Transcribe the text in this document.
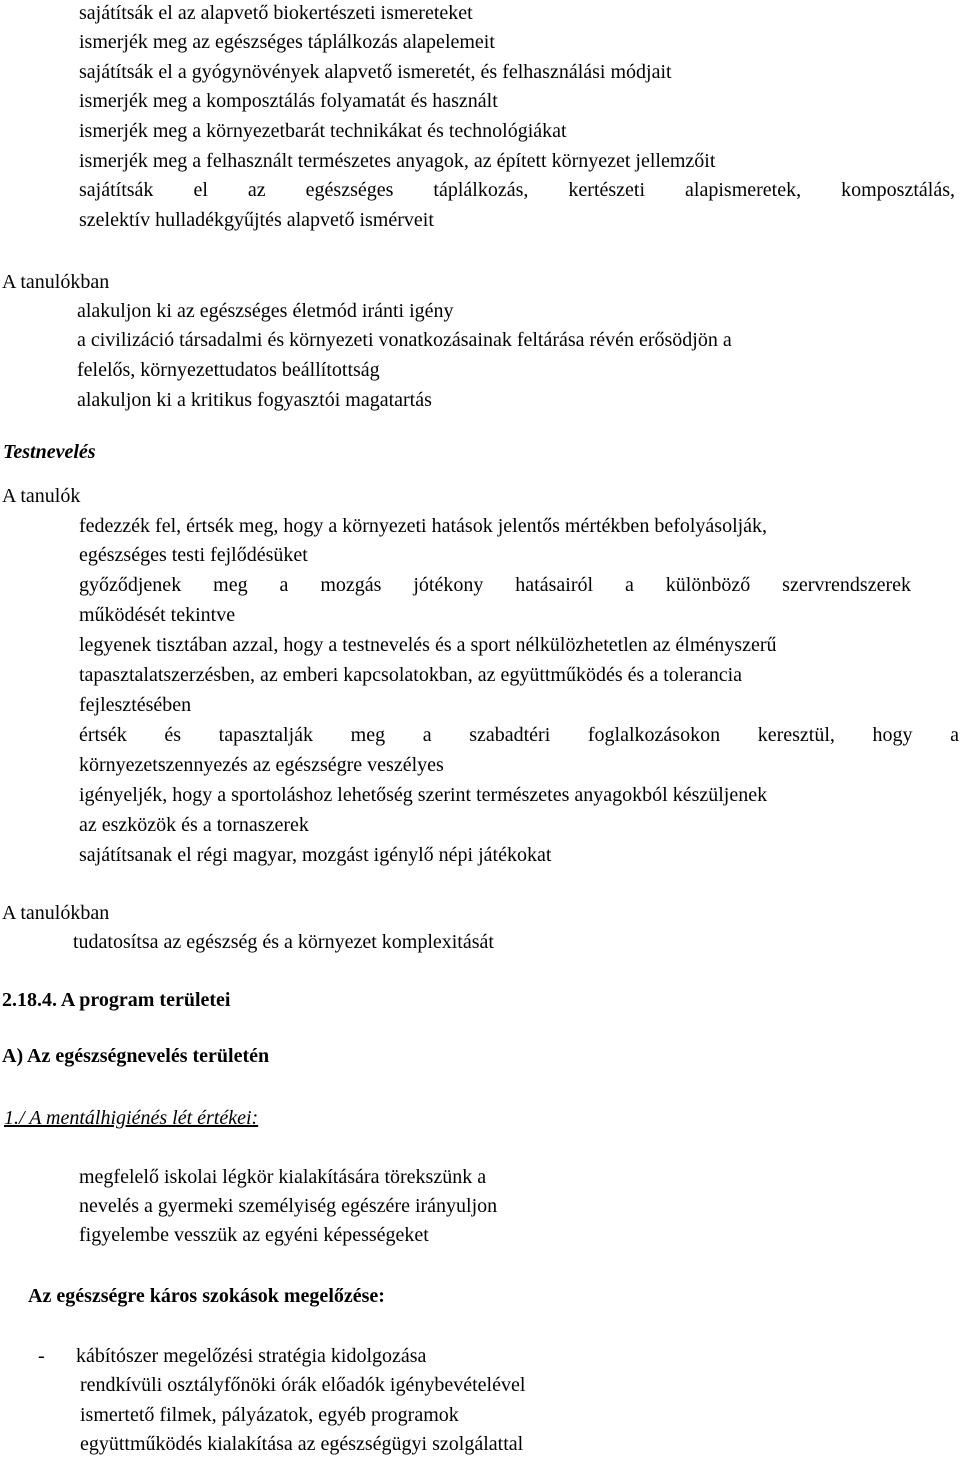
sajátítsák el az alapvető biokertészeti ismereteket

ismerjék meg az egészséges táplálkozás alapelemeit

sajátítsák el a gyógynövények alapvető ismeretét, és felhasználási módjait

ismerjék meg a komposztálás folyamatát és használt

ismerjék meg a környezetbarát technikákat és technológiákat

ismerjék meg a felhasznált természetes anyagok, az épített környezet jellemzőit

sajátítsák el az egészséges táplálkozás, kertészeti alapismeretek, komposztálás,

szelektív hulladékgyűjtés alapvető ismérveit

A tanulókban

alakuljon ki az egészséges életmód iránti igény

a civilizáció társadalmi és környezeti vonatkozásainak feltárása révén erősödjön a

felelős, környezettudatos beállítottság

alakuljon ki a kritikus fogyasztói magatartás

Testnevelés

A tanulók

fedezzék fel, értsék meg, hogy a környezeti hatások jelentős mértékben befolyásolják,

egészséges testi fejlődésüket

győződjenek meg a mozgás jótékony hatásairól a különböző szervrendszerek

működését tekintve

legyenek tisztában azzal, hogy a testnevelés és a sport nélkülözhetetlen az élményszerű

tapasztalatszerzésben, az emberi kapcsolatokban, az együttműködés és a tolerancia

fejlesztésében

értsék és tapasztalják meg a szabadtéri foglalkozásokon keresztül, hogy a

környezetszennyezés az egészségre veszélyes

igényeljék, hogy a sportoláshoz lehetőség szerint természetes anyagokból készüljenek

az eszközök és a tornaszerek

sajátítsanak el régi magyar, mozgást igénylő népi játékokat

A tanulókban

tudatosítsa az egészség és a környezet komplexitását

2.18.4. A program területei

A) Az egészségnevelés területén

1./ A mentálhigiénés lét értékei:

megfelelő iskolai légkör kialakítására törekszünk a

nevelés a gyermeki személyiség egészére irányuljon

figyelembe vesszük az egyéni képességeket

Az egészségre káros szokások megelőzése:

- kábítószer megelőzési stratégia kidolgozása

rendkívüli osztályfőnöki órák előadók igénybevételével

ismertető filmek, pályázatok, egyéb programok

együttműködés kialakítása az egészségügyi szolgálattal
